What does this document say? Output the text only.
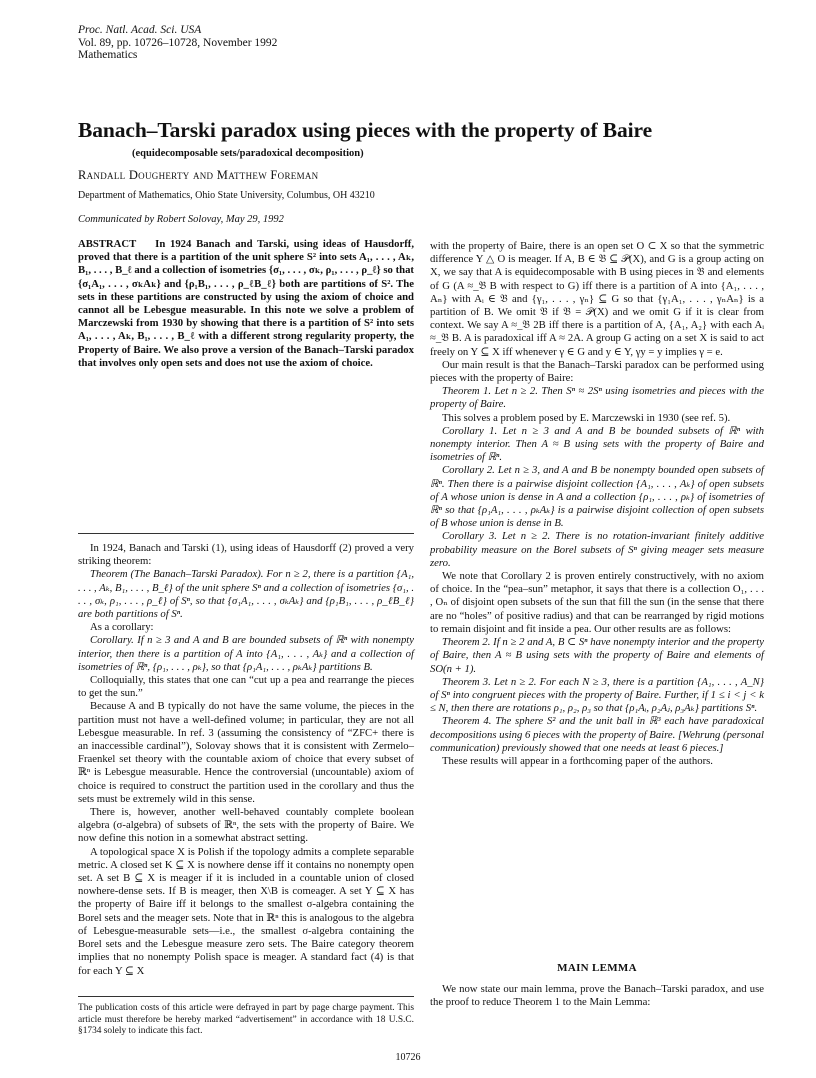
Proc. Natl. Acad. Sci. USA
Vol. 89, pp. 10726–10728, November 1992
Mathematics
Banach–Tarski paradox using pieces with the property of Baire
(equidecomposable sets/paradoxical decomposition)
Randall Dougherty and Matthew Foreman
Department of Mathematics, Ohio State University, Columbus, OH 43210
Communicated by Robert Solovay, May 29, 1992

ABSTRACT In 1924 Banach and Tarski, using ideas of Hausdorff, proved that there is a partition of the unit sphere S² into sets A₁, . . . , Aₖ, B₁, . . . , B_ℓ and a collection of isometries {σ₁, . . . , σₖ, ρ₁, . . . , ρ_ℓ} so that {σ₁A₁, . . . , σₖAₖ} and {ρ₁B₁, . . . , ρ_ℓB_ℓ} both are partitions of S². The sets in these partitions are constructed by using the axiom of choice and cannot all be Lebesgue measurable. In this note we solve a problem of Marczewski from 1930 by showing that there is a partition of S² into sets A₁, . . . , Aₖ, B₁, . . . , B_ℓ with a different strong regularity property, the Property of Baire. We also prove a version of the Banach–Tarski paradox that involves only open sets and does not use the axiom of choice.

In 1924, Banach and Tarski (1), using ideas of Hausdorff (2) proved a very striking theorem:

Theorem (The Banach–Tarski Paradox). For n ≥ 2, there is a partition {A₁, . . . , Aₖ, B₁, . . . , B_ℓ} of the unit sphere Sⁿ and a collection of isometries {σ₁, . . . , σₖ, ρ₁, . . . , ρ_ℓ} of Sⁿ, so that {σ₁A₁, . . . , σₖAₖ} and {ρ₁B₁, . . . , ρ_ℓB_ℓ} are both partitions of Sⁿ.

As a corollary:

Corollary. If n ≥ 3 and A and B are bounded subsets of ℝⁿ with nonempty interior, then there is a partition of A into {A₁, . . . , Aₖ} and a collection of isometries of ℝⁿ, {ρ₁, . . . , ρₖ}, so that {ρ₁A₁, . . . , ρₖAₖ} partitions B.

Colloquially, this states that one can “cut up a pea and rearrange the pieces to get the sun.”

Because A and B typically do not have the same volume, the pieces in the partition must not have a well-defined volume; in particular, they are not all Lebesgue measurable. In ref. 3 (assuming the consistency of “ZFC+ there is an inaccessible cardinal”), Solovay shows that it is consistent with Zermelo–Fraenkel set theory with the countable axiom of choice that every subset of ℝⁿ is Lebesgue measurable. Hence the controversial (uncountable) axiom of choice is required to construct the partition used in the corollary and thus the sets must be extremely wild in this sense.

There is, however, another well-behaved countably complete boolean algebra (σ-algebra) of subsets of ℝⁿ, the sets with the property of Baire. We now define this notion in a somewhat abstract setting.

A topological space X is Polish if the topology admits a complete separable metric. A closed set K ⊆ X is nowhere dense iff it contains no nonempty open set. A set B ⊆ X is meager if it is included in a countable union of closed nowhere-dense sets. If B is meager, then X\B is comeager. A set Y ⊆ X has the property of Baire iff it belongs to the smallest σ-algebra containing the Borel sets and the meager sets. Note that in ℝⁿ this is analogous to the algebra of Lebesgue-measurable sets—i.e., the smallest σ-algebra containing the Borel sets and the Lebesgue measure zero sets. The Baire category theorem implies that no nonempty Polish space is meager. A standard fact (4) is that for each Y ⊆ X

with the property of Baire, there is an open set O ⊂ X so that the symmetric difference Y △ O is meager. If A, B ∈ 𝔅 ⊆ 𝒫(X), and G is a group acting on X, we say that A is equidecomposable with B using pieces in 𝔅 and elements of G (A ≈_𝔅 B with respect to G) iff there is a partition of A into {A₁, . . . , Aₙ} with Aᵢ ∈ 𝔅 and {γ₁, . . . , γₙ} ⊆ G so that {γ₁A₁, . . . , γₙAₙ} is a partition of B. We omit 𝔅 if 𝔅 = 𝒫(X) and we omit G if it is clear from context. We say A ≈_𝔅 2B iff there is a partition of A, {A₁, A₂} with each Aᵢ ≈_𝔅 B. A is paradoxical iff A ≈ 2A. A group G acting on a set X is said to act freely on Y ⊆ X iff whenever γ ∈ G and y ∈ Y, γy = y implies γ = e.

Our main result is that the Banach–Tarski paradox can be performed using pieces with the property of Baire:

Theorem 1. Let n ≥ 2. Then Sⁿ ≈ 2Sⁿ using isometries and pieces with the property of Baire.

This solves a problem posed by E. Marczewski in 1930 (see ref. 5).

Corollary 1. Let n ≥ 3 and A and B be bounded subsets of ℝⁿ with nonempty interior. Then A ≈ B using sets with the property of Baire and isometries of ℝⁿ.

Corollary 2. Let n ≥ 3, and A and B be nonempty bounded open subsets of ℝⁿ. Then there is a pairwise disjoint collection {A₁, . . . , Aₖ} of open subsets of A whose union is dense in A and a collection {ρ₁, . . . , ρₖ} of isometries of ℝⁿ so that {ρ₁A₁, . . . , ρₖAₖ} is a pairwise disjoint collection of open subsets of B whose union is dense in B.

Corollary 3. Let n ≥ 2. There is no rotation-invariant finitely additive probability measure on the Borel subsets of Sⁿ giving meager sets measure zero.

We note that Corollary 2 is proven entirely constructively, with no axiom of choice. In the “pea–sun” metaphor, it says that there is a collection O₁, . . . , Oₙ of disjoint open subsets of the sun that fill the sun (in the sense that there are no “holes” of positive radius) and that can be rearranged by rigid motions to remain disjoint and fit inside a pea. Our other results are as follows:

Theorem 2. If n ≥ 2 and A, B ⊂ Sⁿ have nonempty interior and the property of Baire, then A ≈ B using sets with the property of Baire and elements of SO(n + 1).

Theorem 3. Let n ≥ 2. For each N ≥ 3, there is a partition {A₁, . . . , A_N} of Sⁿ into congruent pieces with the property of Baire. Further, if 1 ≤ i < j < k ≤ N, then there are rotations ρ₁, ρ₂, ρ₃ so that {ρ₁Aᵢ, ρ₂Aⱼ, ρ₃Aₖ} partitions Sⁿ.

Theorem 4. The sphere S² and the unit ball in ℝ³ each have paradoxical decompositions using 6 pieces with the property of Baire. [Wehrung (personal communication) previously showed that one needs at least 6 pieces.]

These results will appear in a forthcoming paper of the authors.

MAIN LEMMA

We now state our main lemma, prove the Banach–Tarski paradox, and use the proof to reduce Theorem 1 to the Main Lemma:

The publication costs of this article were defrayed in part by page charge payment. This article must therefore be hereby marked “advertisement” in accordance with 18 U.S.C. §1734 solely to indicate this fact.
10726
